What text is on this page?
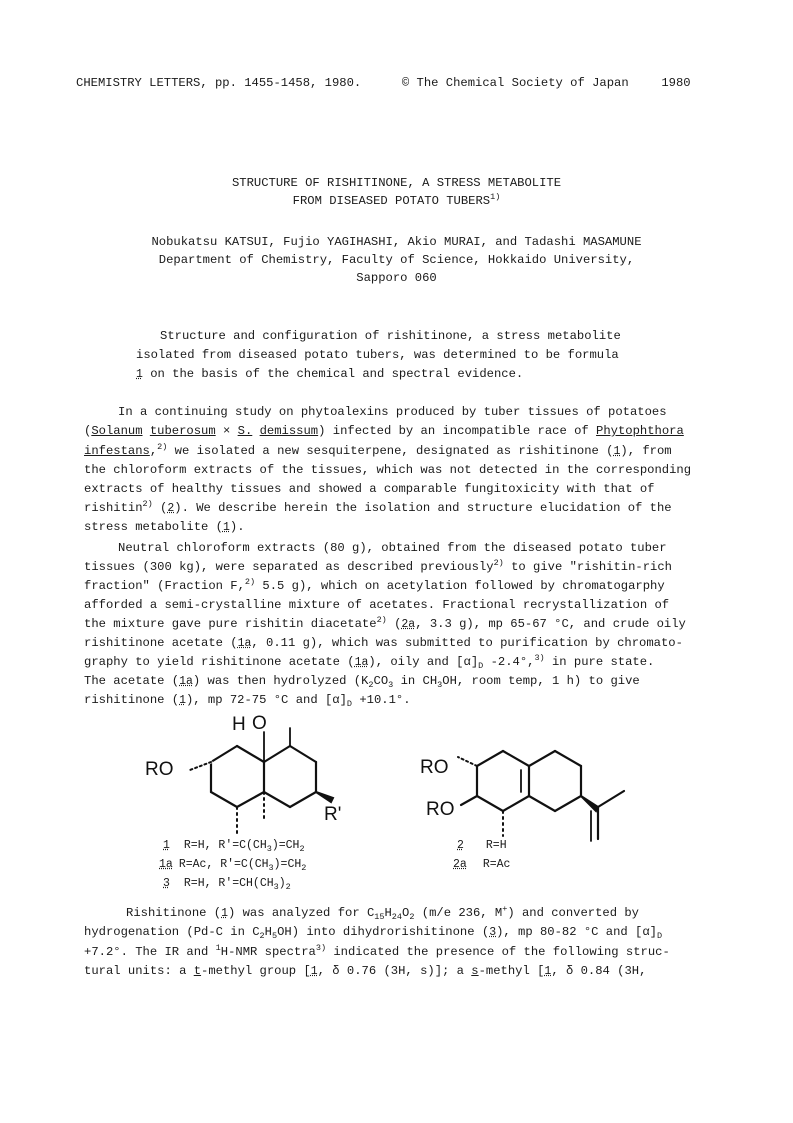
CHEMISTRY LETTERS, pp. 1455-1458, 1980.	© The Chemical Society of Japan	1980
STRUCTURE OF RISHITINONE, A STRESS METABOLITE
FROM DISEASED POTATO TUBERS$^{1)}$
Nobukatsu KATSUI, Fujio YAGIHASHI, Akio MURAI, and Tadashi MASAMUNE
Department of Chemistry, Faculty of Science, Hokkaido University,
Sapporo 060
Structure and configuration of rishitinone, a stress metabolite
isolated from diseased potato tubers, was determined to be formula
1 on the basis of the chemical and spectral evidence.
In a continuing study on phytoalexins produced by tuber tissues of potatoes
(Solanum tuberosum × S. demissum) infected by an incompatible race of Phytophthora
infestans,$^{2)}$ we isolated a new sesquiterpene, designated as rishitinone (1), from
the chloroform extracts of the tissues, which was not detected in the corresponding
extracts of healthy tissues and showed a comparable fungitoxicity with that of
rishitin$^{2)}$ (2). We describe herein the isolation and structure elucidation of the
stress metabolite (1).
Neutral chloroform extracts (80 g), obtained from the diseased potato tuber
tissues (300 kg), were separated as described previously$^{2)}$ to give "rishitin-rich
fraction" (Fraction F,$^{2)}$ 5.5 g), which on acetylation followed by chromatogarphy
afforded a semi-crystalline mixture of acetates. Fractional recrystallization of
the mixture gave pure rishitin diacetate$^{2)}$ (2a, 3.3 g), mp 65-67 °C, and crude oily
rishitinone acetate (1a, 0.11 g), which was submitted to purification by chromato-
graphy to yield rishitinone acetate (1a), oily and $[\alpha]_D$ -2.4°,$^{3)}$ in pure state.
The acetate (1a) was then hydrolyzed ($K_2CO_3$ in $CH_3OH$, room temp, 1 h) to give
rishitinone (1), mp 72-75 °C and $[\alpha]_D +10.1^\circ$.
RO
H O
R'
RO
RO
1 R=H, $R'=C(CH_3)=CH_2$
1a R=Ac, $R'=C(CH_3)=CH_2$
3 R=H, $R'=CH(CH_3)_2$
2 R=H
2a R=Ac
Rishitinone (1) was analyzed for $C_{15}H_{24}O_2$ (m/e 236, M+) and converted by
hydrogenation (Pd-C in $C_2H_5OH$) into dihydrorishitinone (3), mp 80-82 °C and $[\alpha]_D$
+7.2°. The IR and $^1$H-NMR spectra$^{3)}$ indicated the presence of the following struc-
tural units: a t-methyl group [1, δ 0.76 (3H, s)]; a s-methyl [1, δ 0.84 (3H,
